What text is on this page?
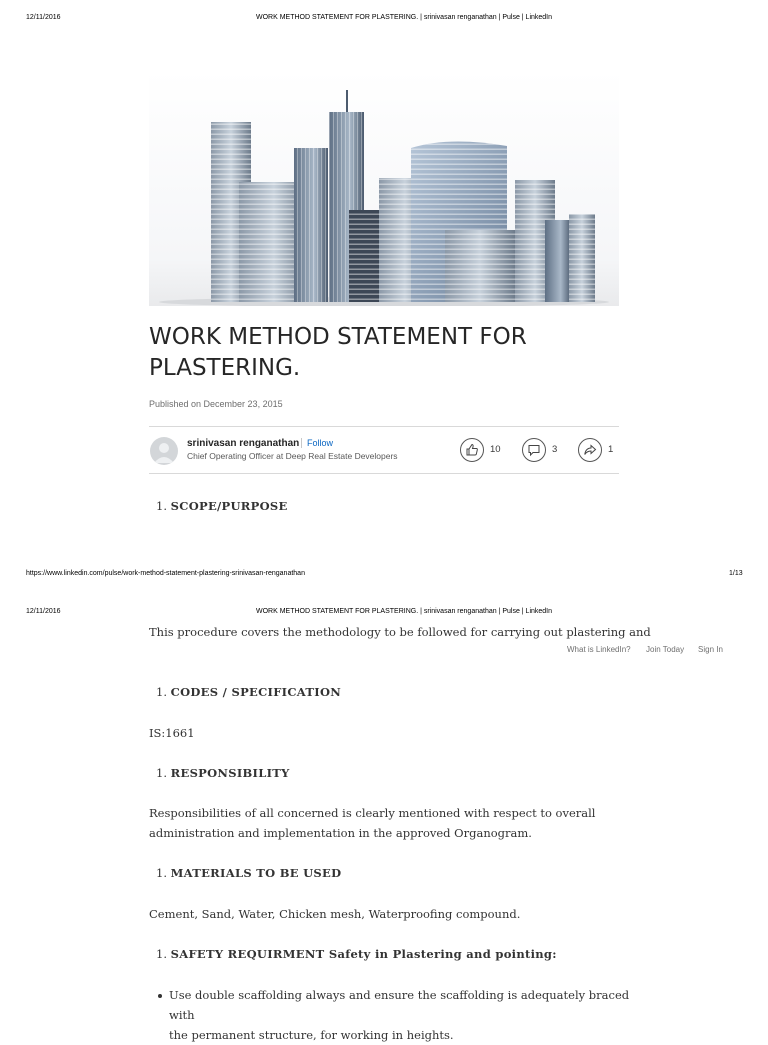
12/11/2016	WORK METHOD STATEMENT FOR PLASTERING. | srinivasan renganathan | Pulse | LinkedIn
WORK METHOD STATEMENT FOR PLASTERING.
Published on December 23, 2015
srinivasan renganathan Follow
Chief Operating Officer at Deep Real Estate Developers
10	3	1
1. SCOPE/PURPOSE
https://www.linkedin.com/pulse/work-method-statement-plastering-srinivasan-renganathan	1/13
12/11/2016	WORK METHOD STATEMENT FOR PLASTERING. | srinivasan renganathan | Pulse | LinkedIn
This procedure covers the methodology to be followed for carrying out plastering and
What is LinkedIn? Join Today Sign In
1. CODES / SPECIFICATION
IS:1661
1. RESPONSIBILITY
Responsibilities of all concerned is clearly mentioned with respect to overall
administration and implementation in the approved Organogram.
1. MATERIALS TO BE USED
Cement, Sand, Water, Chicken mesh, Waterproofing compound.
1. SAFETY REQUIRMENT Safety in Plastering and pointing:
Use double scaffolding always and ensure the scaffolding is adequately braced with
the permanent structure, for working in heights.
